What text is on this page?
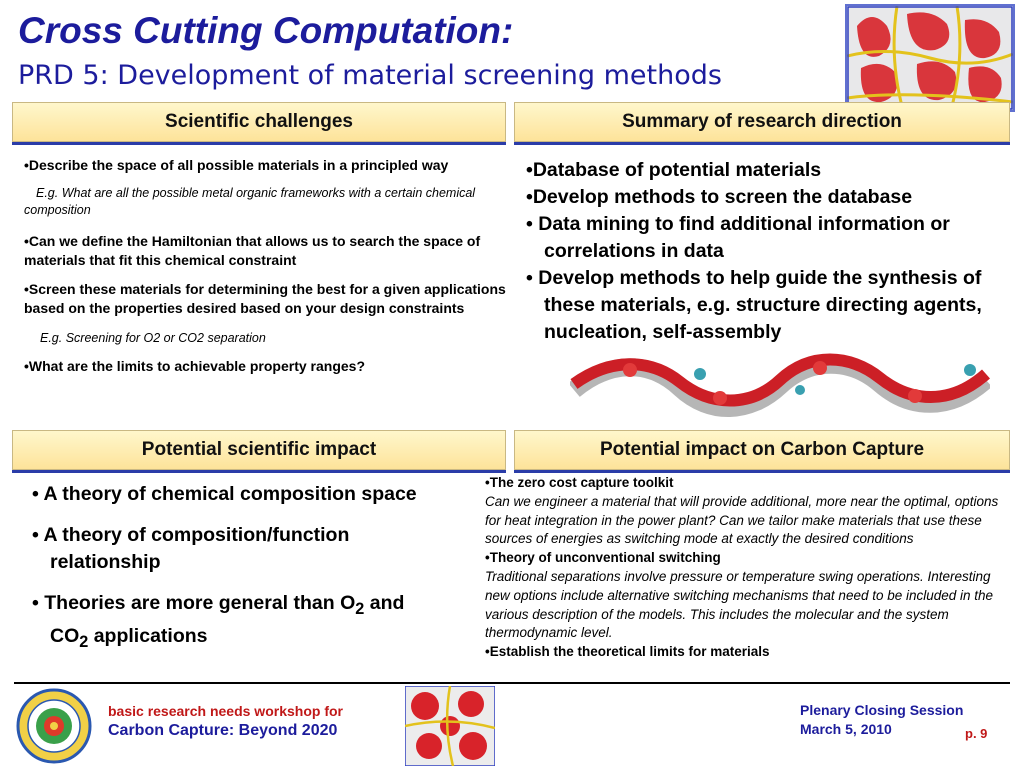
Cross Cutting Computation:
PRD 5: Development of material screening methods
Scientific challenges	Summary of research direction
•Describe the space of all possible materials in a principled way
E.g. What are all the possible metal organic frameworks with a certain chemical composition
•Can we define the Hamiltonian that allows us to search the space of materials that fit this chemical constraint
•Screen these materials for determining the best for a given applications based on the properties desired based on your design constraints
E.g. Screening for O2 or CO2 separation
•What are the limits to achievable property ranges?
•Database of potential materials
•Develop methods to screen the database
• Data mining to find additional information or correlations in data
• Develop methods to help guide the synthesis of these materials, e.g. structure directing agents, nucleation, self-assembly
Potential scientific impact	Potential impact on Carbon Capture
• A theory of chemical composition space
• A theory of composition/function relationship
• Theories are more general than $O_2$ and $CO_2$ applications
•The zero cost capture toolkit
Can we engineer a material that will provide additional, more near the optimal, options for heat integration in the power plant? Can we tailor make materials that use these sources of energies as switching mode at exactly the desired conditions
•Theory of unconventional switching
Traditional separations involve pressure or temperature swing operations. Interesting new options include alternative switching mechanisms that need to be included in the various description of the models. This includes the molecular and the system thermodynamic level.
•Establish the theoretical limits for materials
basic research needs workshop for
Carbon Capture: Beyond 2020
Plenary Closing Session
March 5, 2010	p. 9
